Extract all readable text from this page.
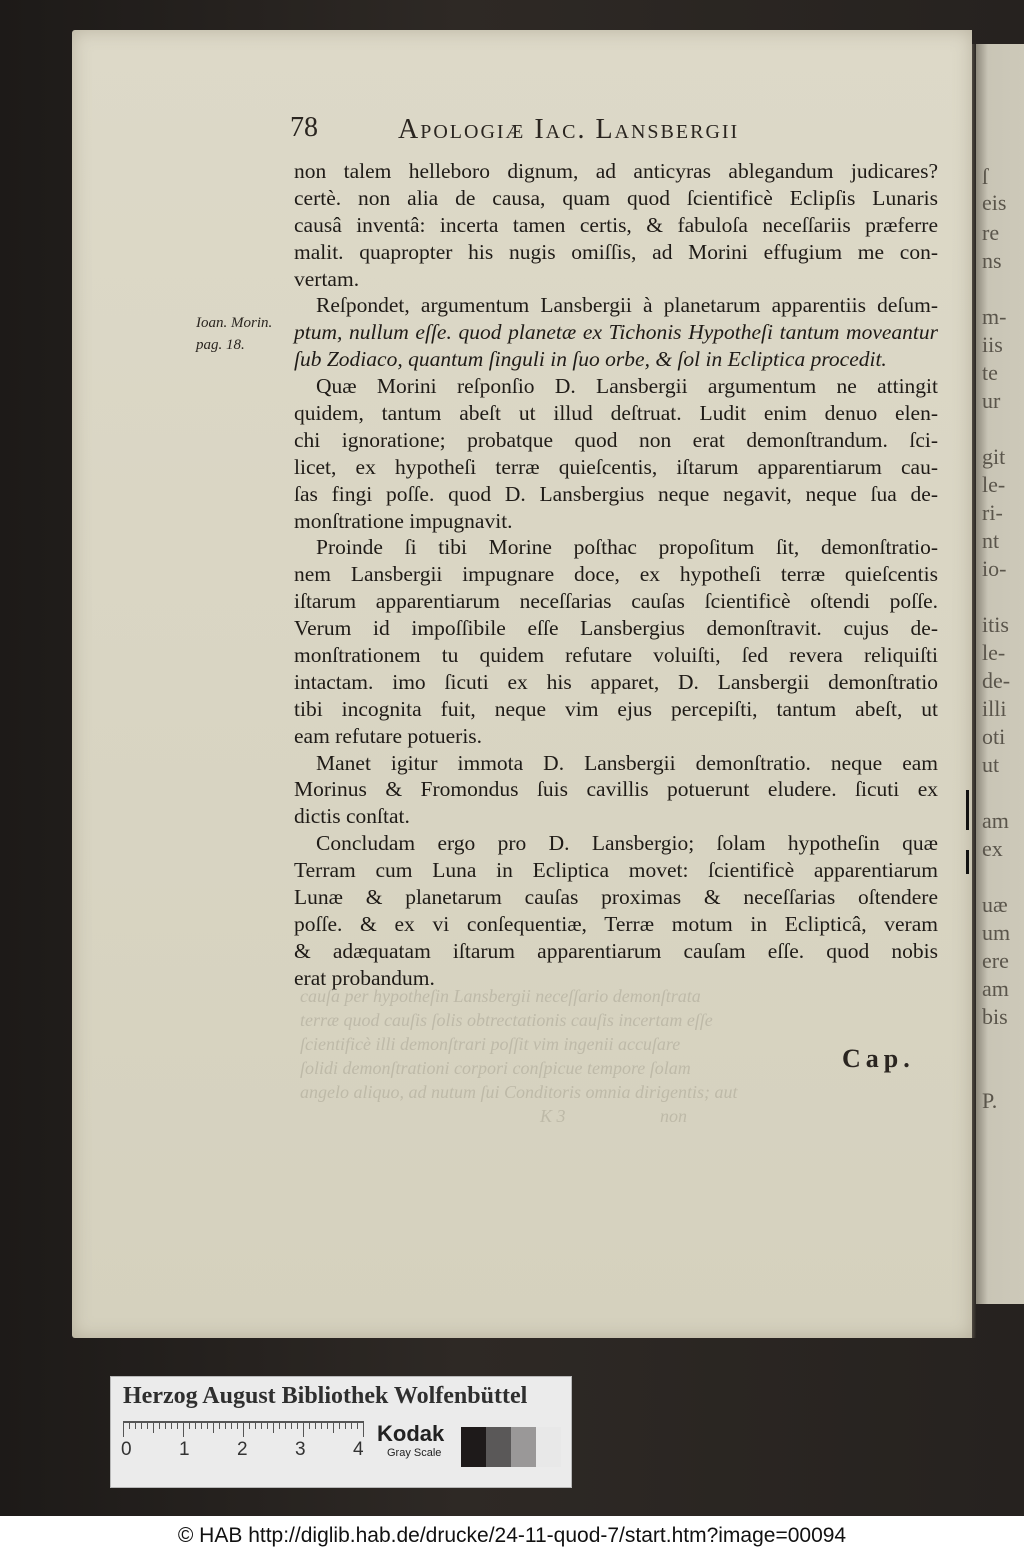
ſ
eis
re
ns
m-
iis
te
ur
git
le-
ri-
nt
io-
itis
le-
de-
illi
oti
ut
am
ex
uæ
um
ere
am
bis
P.
cauſa per hypotheſin Lansbergii neceſſario demonſtrata
terræ quod cauſis ſolis obtrectationis cauſis incertam eſſe
ſcientificè illi demonſtrari poſſit vim ingenii accuſare
ſolidi demonſtrationi corpori conſpicue tempore ſolam
angelo aliquo, ad nutum ſui Conditoris omnia dirigentis; aut
K 3                     non
78	Apologiæ Iac. Lansbergii
Ioan. Morin.
pag. 18.
non talem helleboro dignum, ad anticyras ablegandum judicares?
certè. non alia de causa, quam quod ſcientificè Eclipſis Lunaris
causâ inventâ: incerta tamen certis, & fabuloſa neceſſariis præferre
malit. quapropter his nugis omiſſis, ad Morini effugium me con-
vertam.
Reſpondet, argumentum Lansbergii à planetarum apparentiis deſum-
ptum, nullum eſſe. quod planetæ ex Tichonis Hypotheſi tantum moveantur
ſub Zodiaco, quantum ſinguli in ſuo orbe, & ſol in Ecliptica procedit.
Quæ Morini reſponſio D. Lansbergii argumentum ne attingit
quidem, tantum abeſt ut illud deſtruat. Ludit enim denuo elen-
chi ignoratione; probatque quod non erat demonſtrandum. ſci-
licet, ex hypotheſi terræ quieſcentis, iſtarum apparentiarum cau-
ſas fingi poſſe. quod D. Lansbergius neque negavit, neque ſua de-
monſtratione impugnavit.
Proinde ſi tibi Morine poſthac propoſitum ſit, demonſtratio-
nem Lansbergii impugnare doce, ex hypotheſi terræ quieſcentis
iſtarum apparentiarum neceſſarias cauſas ſcientificè oſtendi poſſe.
Verum id impoſſibile eſſe Lansbergius demonſtravit. cujus de-
monſtrationem tu quidem refutare voluiſti, ſed revera reliquiſti
intactam. imo ſicuti ex his apparet, D. Lansbergii demonſtratio
tibi incognita fuit, neque vim ejus percepiſti, tantum abeſt, ut
eam refutare potueris.
Manet igitur immota D. Lansbergii demonſtratio. neque eam
Morinus & Fromondus ſuis cavillis potuerunt eludere. ſicuti ex
dictis conſtat.
Concludam ergo pro D. Lansbergio; ſolam hypotheſin quæ
Terram cum Luna in Ecliptica movet: ſcientificè apparentiarum
Lunæ & planetarum cauſas proximas & neceſſarias oſtendere
poſſe. & ex vi conſequentiæ, Terræ motum in Eclipticâ, veram
& adæquatam iſtarum apparentiarum cauſam eſſe. quod nobis
erat probandum.
Cap.
Herzog August Bibliothek Wolfenbüttel
0 1 2 3 4
Kodak
Gray Scale
© HAB http://diglib.hab.de/drucke/24-11-quod-7/start.htm?image=00094
